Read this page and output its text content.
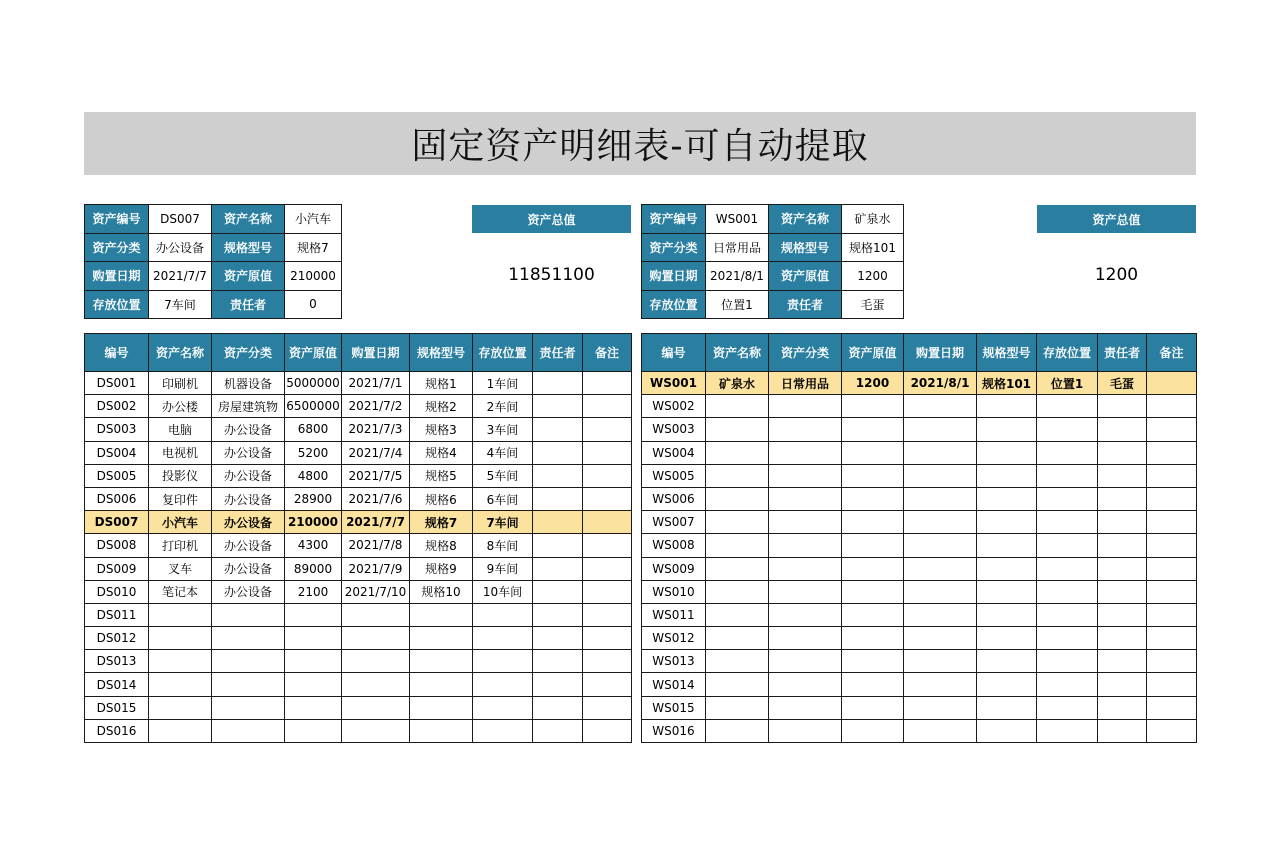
固定资产明细表-可自动提取
资产编号	DS007	资产名称	小汽车
资产分类	办公设备	规格型号	规格7
购置日期	2021/7/7	资产原值	210000
存放位置	7车间	责任者	0
资产总值
11851100
资产编号	WS001	资产名称	矿泉水
资产分类	日常用品	规格型号	规格101
购置日期	2021/8/1	资产原值	1200
存放位置	位置1	责任者	毛蛋
资产总值
1200
编号	资产名称	资产分类	资产原值	购置日期	规格型号	存放位置	责任者	备注
DS001	印刷机	机器设备	5000000	2021/7/1	规格1	1车间		
DS002	办公楼	房屋建筑物	6500000	2021/7/2	规格2	2车间		
DS003	电脑	办公设备	6800	2021/7/3	规格3	3车间		
DS004	电视机	办公设备	5200	2021/7/4	规格4	4车间		
DS005	投影仪	办公设备	4800	2021/7/5	规格5	5车间		
DS006	复印件	办公设备	28900	2021/7/6	规格6	6车间		
DS007	小汽车	办公设备	210000	2021/7/7	规格7	7车间		
DS008	打印机	办公设备	4300	2021/7/8	规格8	8车间		
DS009	叉车	办公设备	89000	2021/7/9	规格9	9车间		
DS010	笔记本	办公设备	2100	2021/7/10	规格10	10车间		
DS011								
DS012								
DS013								
DS014								
DS015								
DS016								
编号	资产名称	资产分类	资产原值	购置日期	规格型号	存放位置	责任者	备注
WS001	矿泉水	日常用品	1200	2021/8/1	规格101	位置1	毛蛋	
WS002								
WS003								
WS004								
WS005								
WS006								
WS007								
WS008								
WS009								
WS010								
WS011								
WS012								
WS013								
WS014								
WS015								
WS016								
